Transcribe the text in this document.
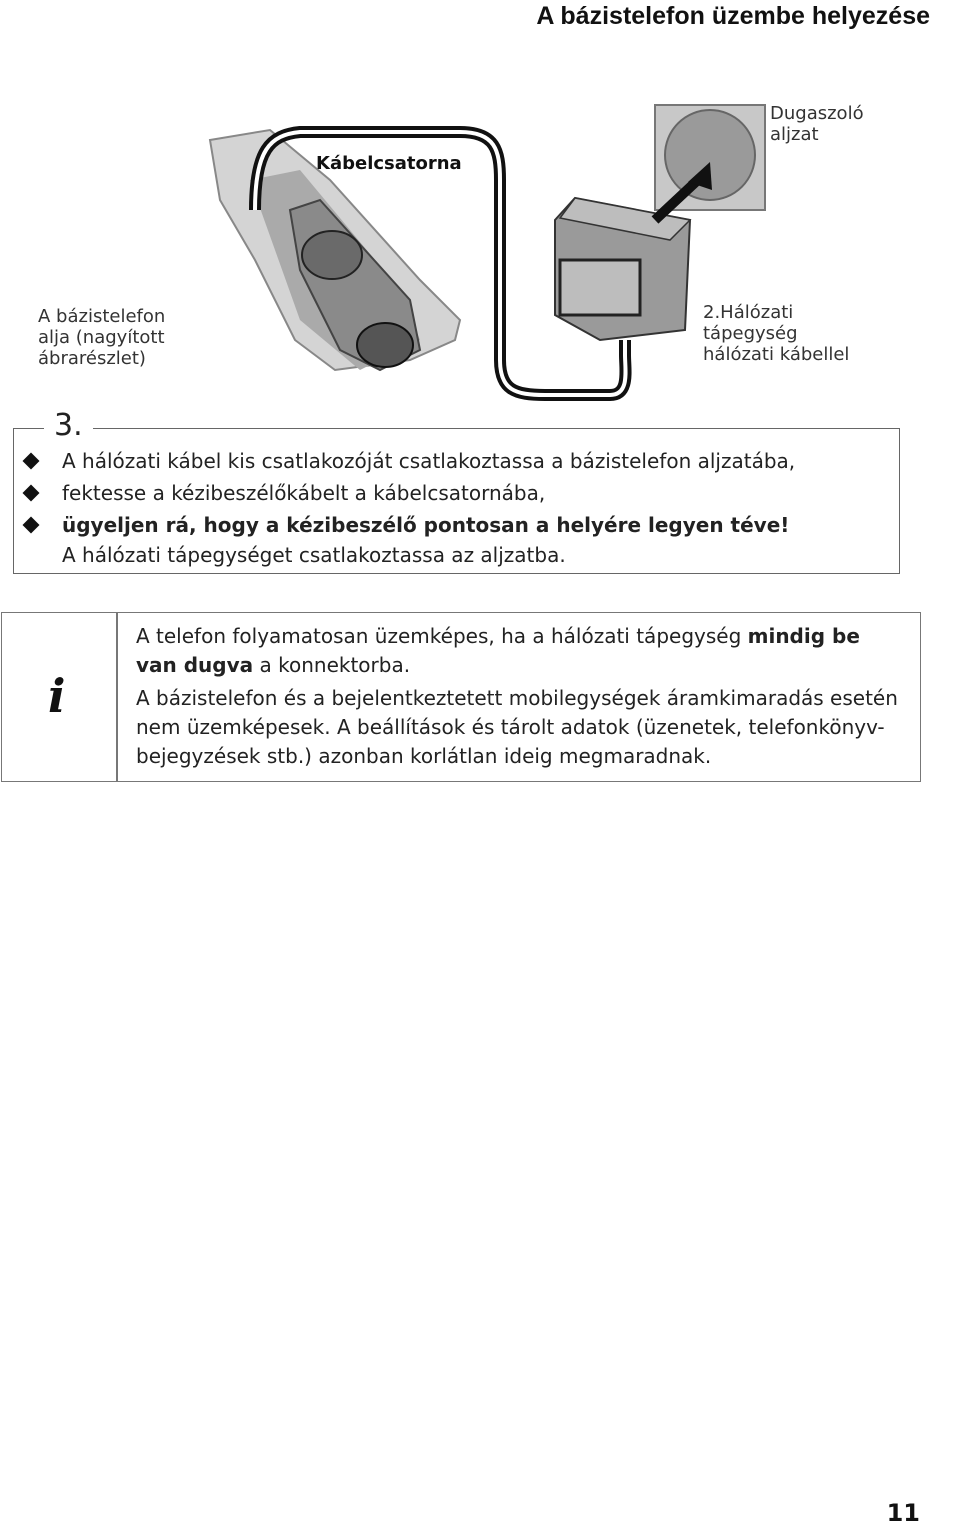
A bázistelefon üzembe helyezése
Kábelcsatorna
Dugaszoló
aljzat
A bázistelefon
alja (nagyított
ábrarészlet)
2.Hálózati
tápegység
hálózati kábellel
3.
A hálózati kábel kis csatlakozóját csatlakoztassa a bázistelefon aljzatába,
fektesse a kézibeszélőkábelt a kábelcsatornába,
ügyeljen rá, hogy a kézibeszélő pontosan a helyére legyen téve!
A hálózati tápegységet csatlakoztassa az aljzatba.
i

A telefon folyamatosan üzemképes, ha a hálózati tápegység mindig be van dugva a konnektorba.

A bázistelefon és a bejelentkeztetett mobilegységek áramkimaradás esetén nem üzemképesek. A beállítások és tárolt adatok (üzenetek, telefonkönyv-bejegyzések stb.) azonban korlátlan ideig megmaradnak.

11
